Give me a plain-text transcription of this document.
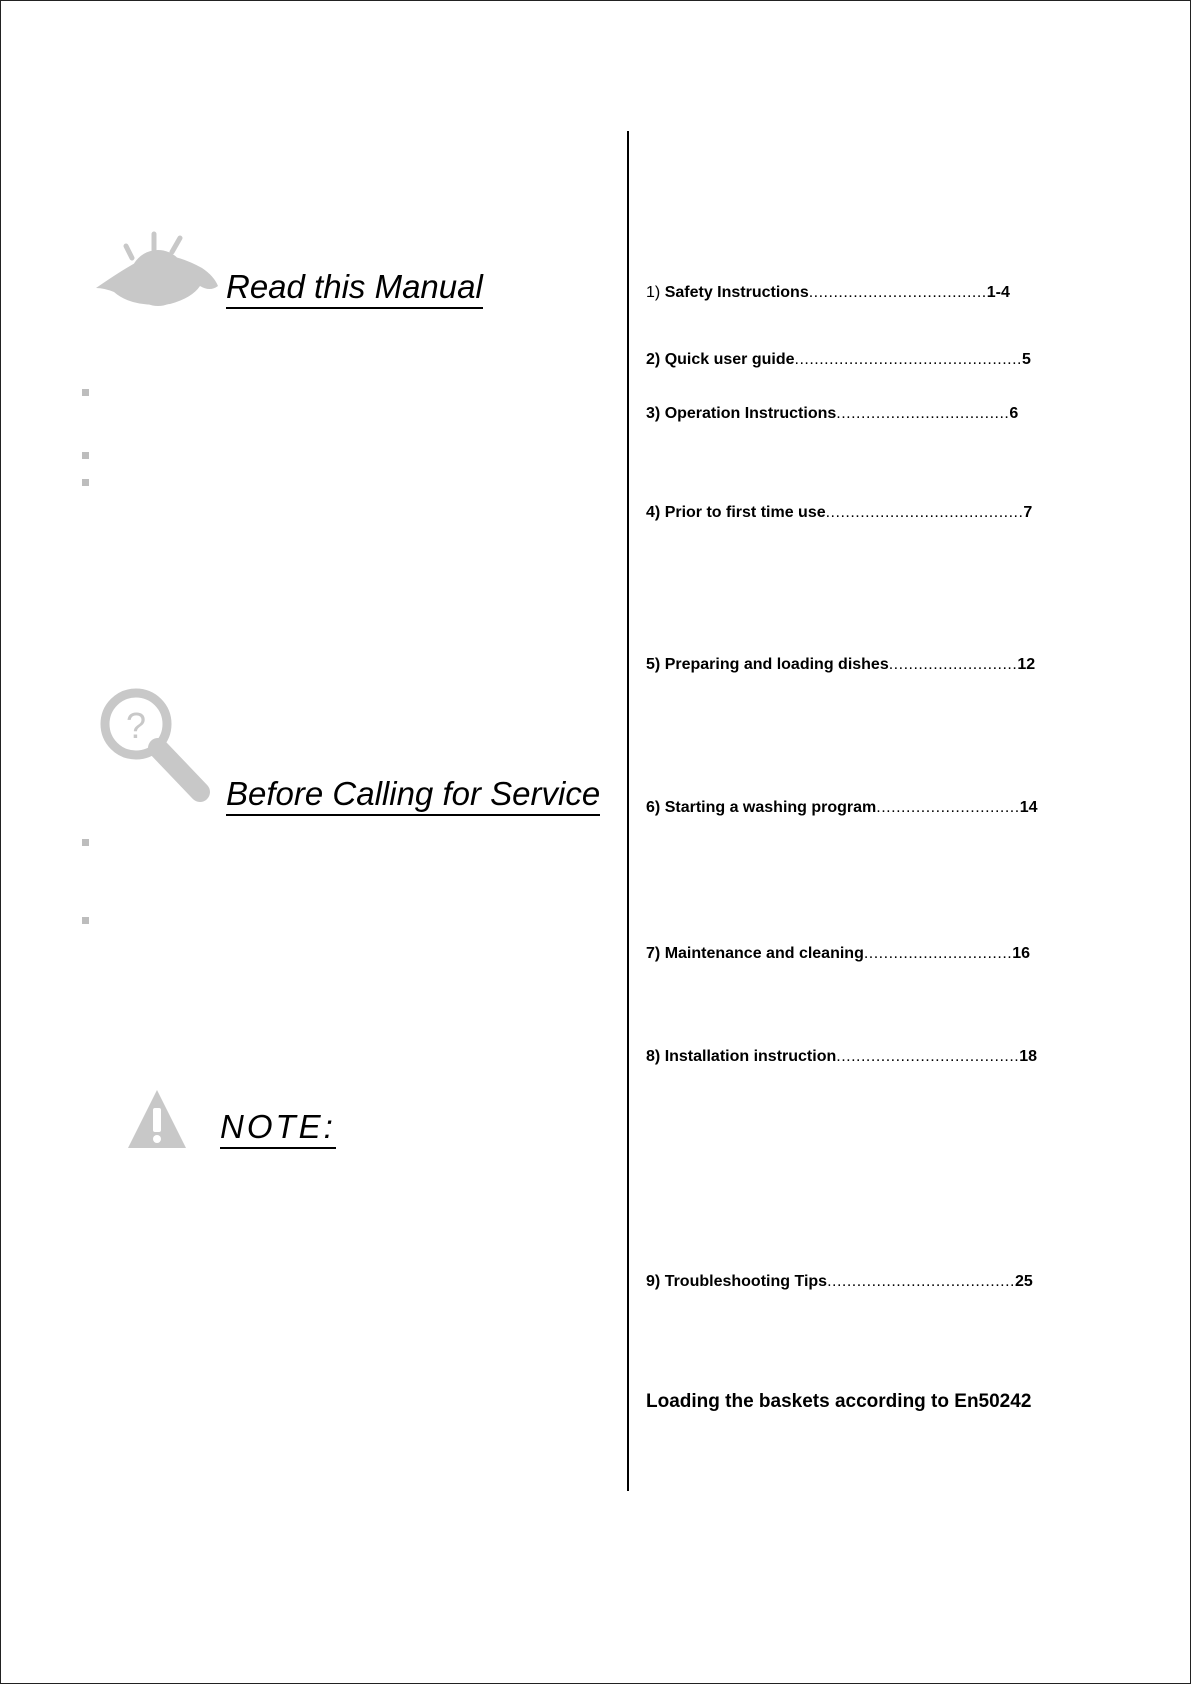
Read this Manual
?
Before Calling for Service
NOTE:
1) Safety Instructions....................................1-4
2) Quick user guide..............................................5
3) Operation Instructions...................................6
4) Prior to first time use........................................7
5) Preparing and loading dishes..........................12
6) Starting a washing program.............................14
7) Maintenance and cleaning..............................16
8) Installation instruction.....................................18
9) Troubleshooting Tips......................................25
Loading the baskets according to En50242
